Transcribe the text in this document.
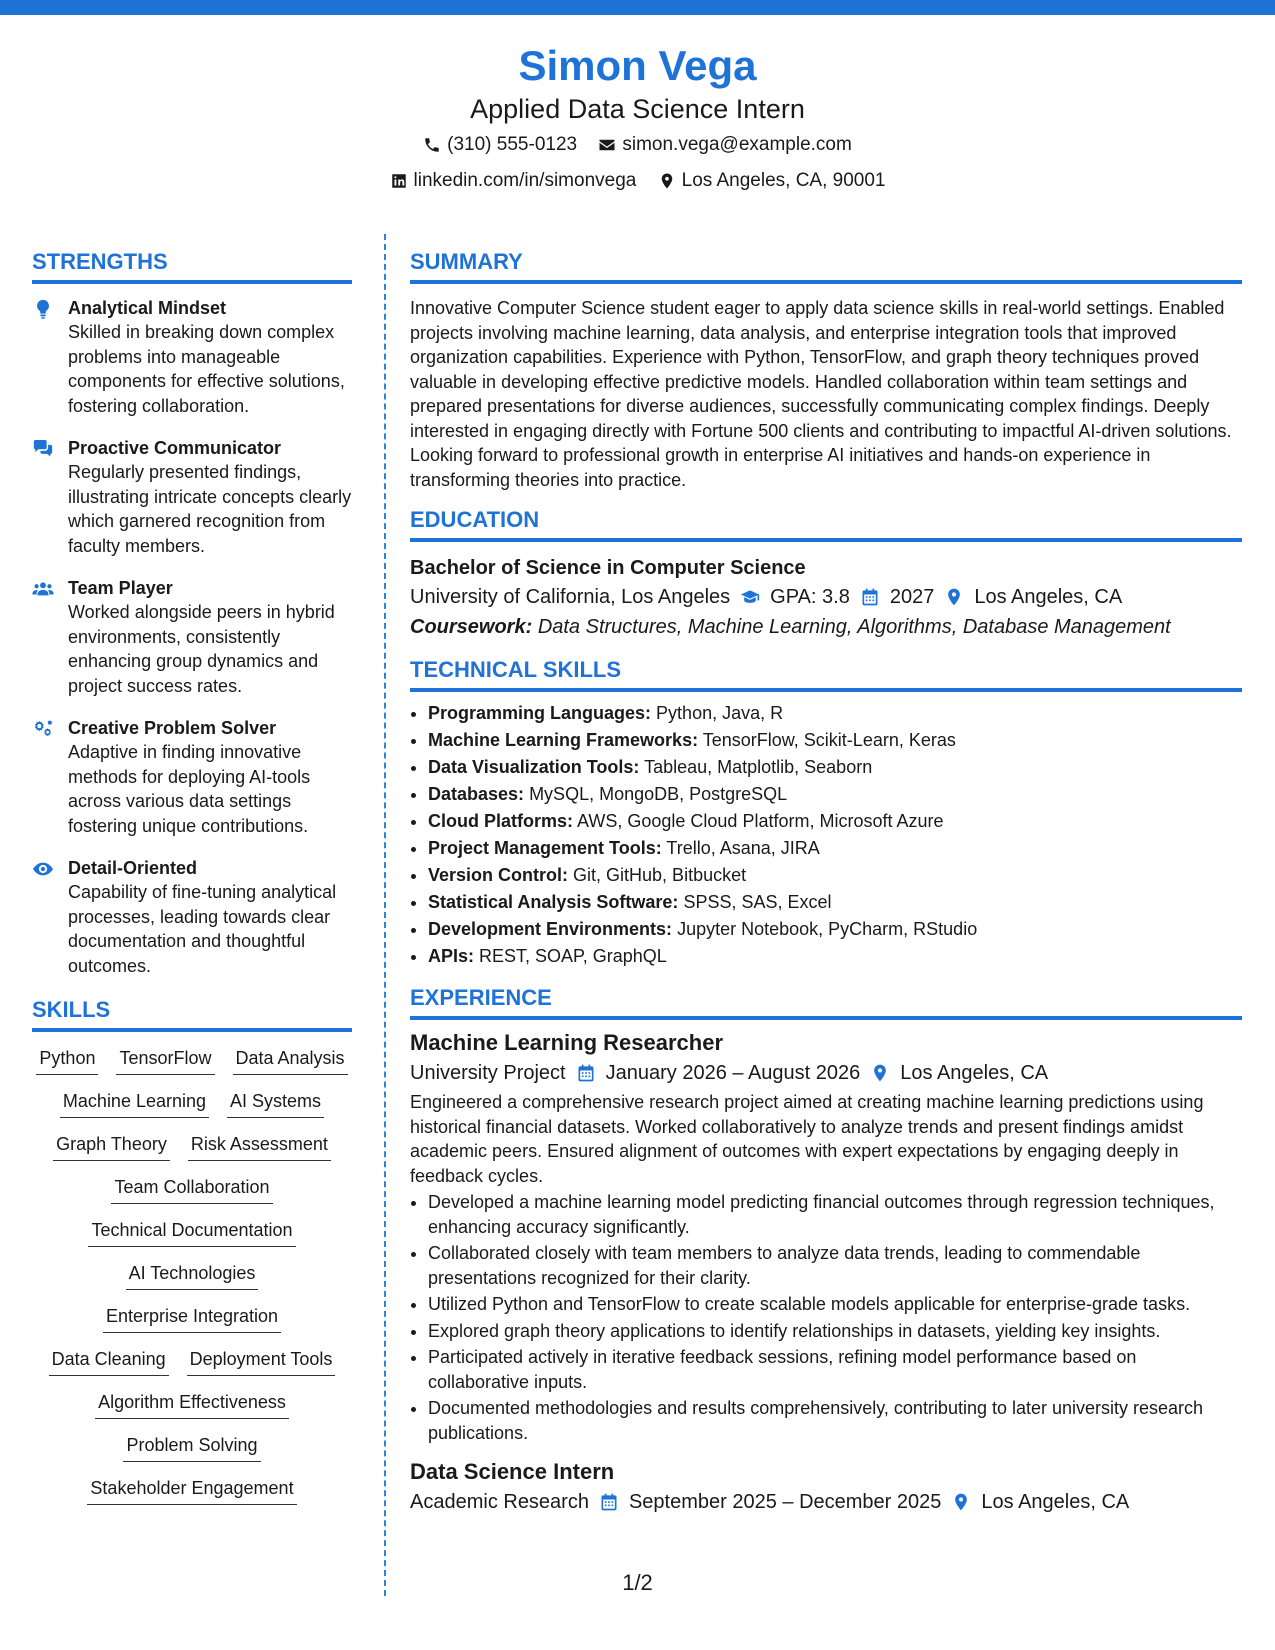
Simon Vega
Applied Data Science Intern
(310) 555-0123
simon.vega@example.com
linkedin.com/in/simonvega
Los Angeles, CA, 90001
STRENGTHS
Analytical Mindset
Skilled in breaking down complex problems into manageable components for effective solutions, fostering collaboration.
Proactive Communicator
Regularly presented findings, illustrating intricate concepts clearly which garnered recognition from faculty members.
Team Player
Worked alongside peers in hybrid environments, consistently enhancing group dynamics and project success rates.
Creative Problem Solver
Adaptive in finding innovative methods for deploying AI-tools across various data settings fostering unique contributions.
Detail-Oriented
Capability of fine-tuning analytical processes, leading towards clear documentation and thoughtful outcomes.
SKILLS
Python TensorFlow Data Analysis
Machine Learning AI Systems
Graph Theory Risk Assessment
Team Collaboration
Technical Documentation
AI Technologies
Enterprise Integration
Data Cleaning Deployment Tools
Algorithm Effectiveness
Problem Solving
Stakeholder Engagement
SUMMARY
Innovative Computer Science student eager to apply data science skills in real-world settings. Enabled projects involving machine learning, data analysis, and enterprise integration tools that improved organization capabilities. Experience with Python, TensorFlow, and graph theory techniques proved valuable in developing effective predictive models. Handled collaboration within team settings and prepared presentations for diverse audiences, successfully communicating complex findings. Deeply interested in engaging directly with Fortune 500 clients and contributing to impactful AI-driven solutions. Looking forward to professional growth in enterprise AI initiatives and hands-on experience in transforming theories into practice.
EDUCATION
Bachelor of Science in Computer Science
University of California, Los Angeles GPA: 3.8 2027 Los Angeles, CA
Coursework: Data Structures, Machine Learning, Algorithms, Database Management
TECHNICAL SKILLS
• Programming Languages: Python, Java, R
• Machine Learning Frameworks: TensorFlow, Scikit-Learn, Keras
• Data Visualization Tools: Tableau, Matplotlib, Seaborn
• Databases: MySQL, MongoDB, PostgreSQL
• Cloud Platforms: AWS, Google Cloud Platform, Microsoft Azure
• Project Management Tools: Trello, Asana, JIRA
• Version Control: Git, GitHub, Bitbucket
• Statistical Analysis Software: SPSS, SAS, Excel
• Development Environments: Jupyter Notebook, PyCharm, RStudio
• APIs: REST, SOAP, GraphQL
EXPERIENCE
Machine Learning Researcher
University Project January 2026 – August 2026 Los Angeles, CA
Engineered a comprehensive research project aimed at creating machine learning predictions using historical financial datasets. Worked collaboratively to analyze trends and present findings amidst academic peers. Ensured alignment of outcomes with expert expectations by engaging deeply in feedback cycles.
• Developed a machine learning model predicting financial outcomes through regression techniques, enhancing accuracy significantly.
• Collaborated closely with team members to analyze data trends, leading to commendable presentations recognized for their clarity.
• Utilized Python and TensorFlow to create scalable models applicable for enterprise-grade tasks.
• Explored graph theory applications to identify relationships in datasets, yielding key insights.
• Participated actively in iterative feedback sessions, refining model performance based on collaborative inputs.
• Documented methodologies and results comprehensively, contributing to later university research publications.
Data Science Intern
Academic Research September 2025 – December 2025 Los Angeles, CA
1/2
